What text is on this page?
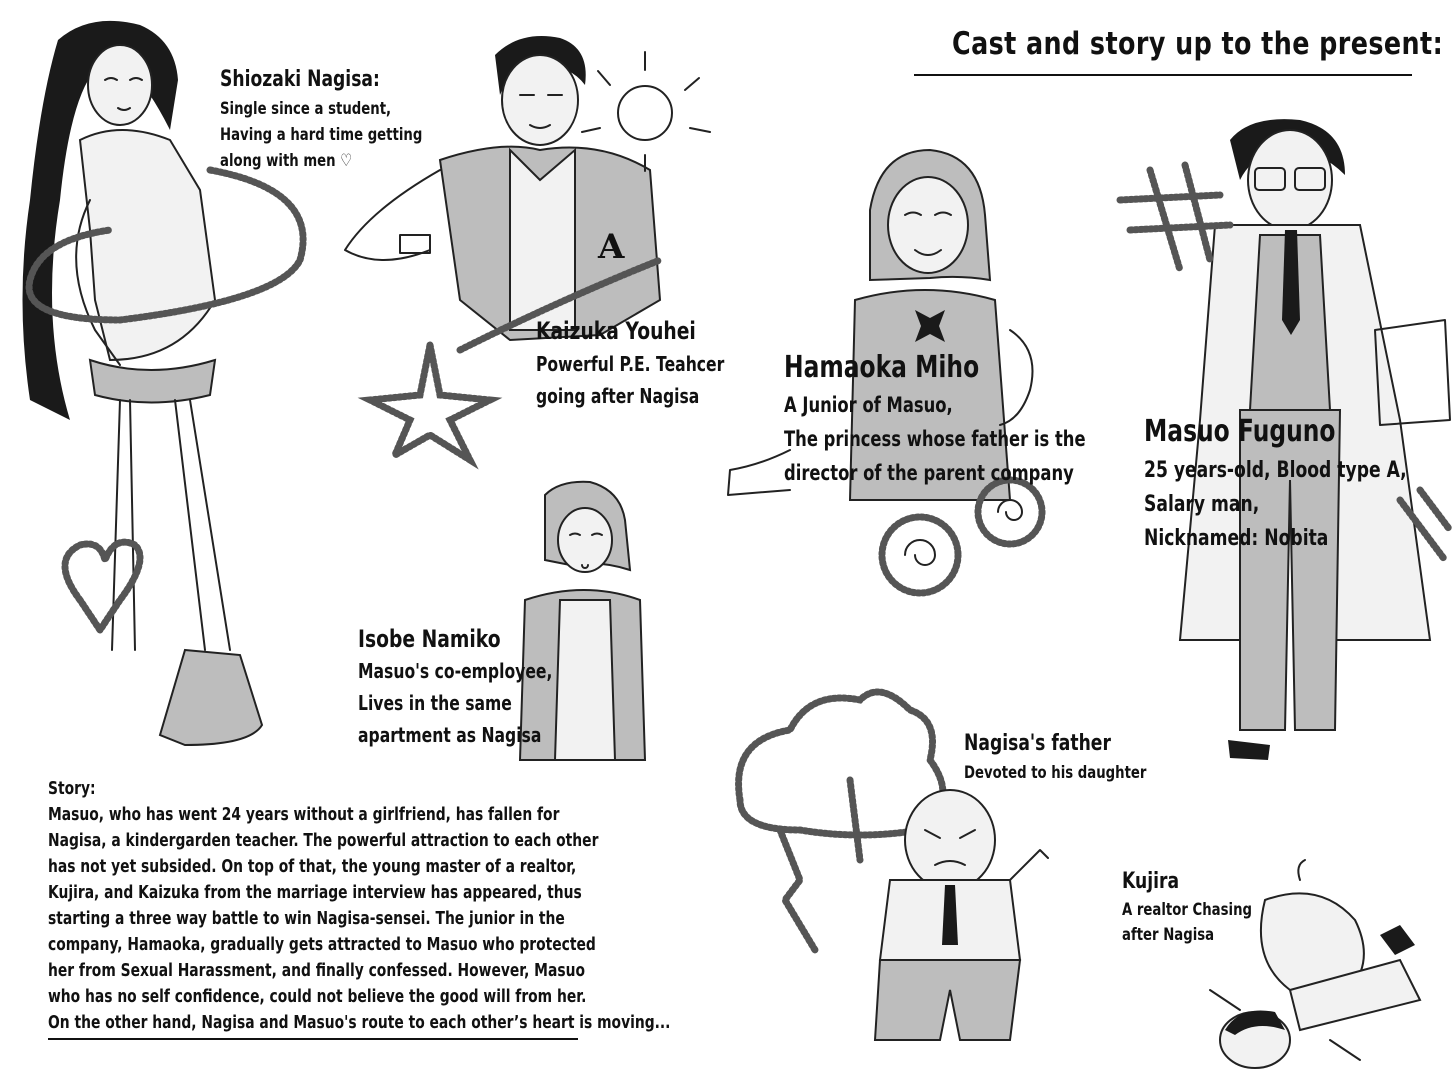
A
Cast and story up to the present:
Shiozaki Nagisa:
Single since a student,
Having a hard time getting
along with men ♡
Kaizuka Youhei
Powerful P.E. Teahcer
going after Nagisa
Hamaoka Miho
A Junior of Masuo,
The princess whose father is the
director of the parent company
Masuo Fuguno
25 years-old, Blood type A,
Salary man,
Nicknamed: Nobita
Isobe Namiko
Masuo's co-employee,
Lives in the same
apartment as Nagisa	Nagisa's father
Devoted to his daughter
Kujira
A realtor Chasing
after Nagisa
Story:
Masuo, who has went 24 years without a girlfriend, has fallen for
Nagisa, a kindergarden teacher. The powerful attraction to each other
has not yet subsided. On top of that, the young master of a realtor,
Kujira, and Kaizuka from the marriage interview has appeared, thus
starting a three way battle to win Nagisa-sensei. The junior in the
company, Hamaoka, gradually gets attracted to Masuo who protected
her from Sexual Harassment, and finally confessed. However, Masuo
who has no self confidence, could not believe the good will from her.
On the other hand, Nagisa and Masuo's route to each other’s heart is moving...
